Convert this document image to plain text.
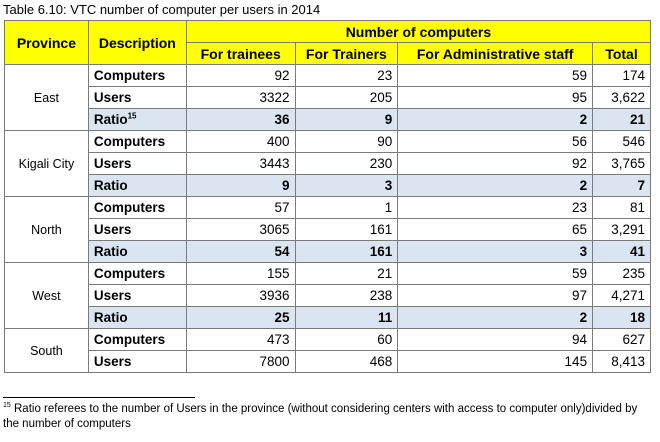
Table 6.10: VTC number of computer per users in 2014
Province	Description	Number of computers			
		For trainees	For Trainers	For Administrative staff	Total
East	Computers	92	23	59	174
	Users	3322	205	95	3,622
	Ratio$^{15}$	36	9	2	21
Kigali City	Computers	400	90	56	546
	Users	3443	230	92	3,765
	Ratio	9	3	2	7
North	Computers	57	1	23	81
	Users	3065	161	65	3,291
	Ratio	54	161	3	41
West	Computers	155	21	59	235
	Users	3936	238	97	4,271
	Ratio	25	11	2	18
South	Computers	473	60	94	627
	Users	7800	468	145	8,413
$^{15}$ Ratio referees to the number of Users in the province (without considering centers with access to computer only)divided by the number of computers
